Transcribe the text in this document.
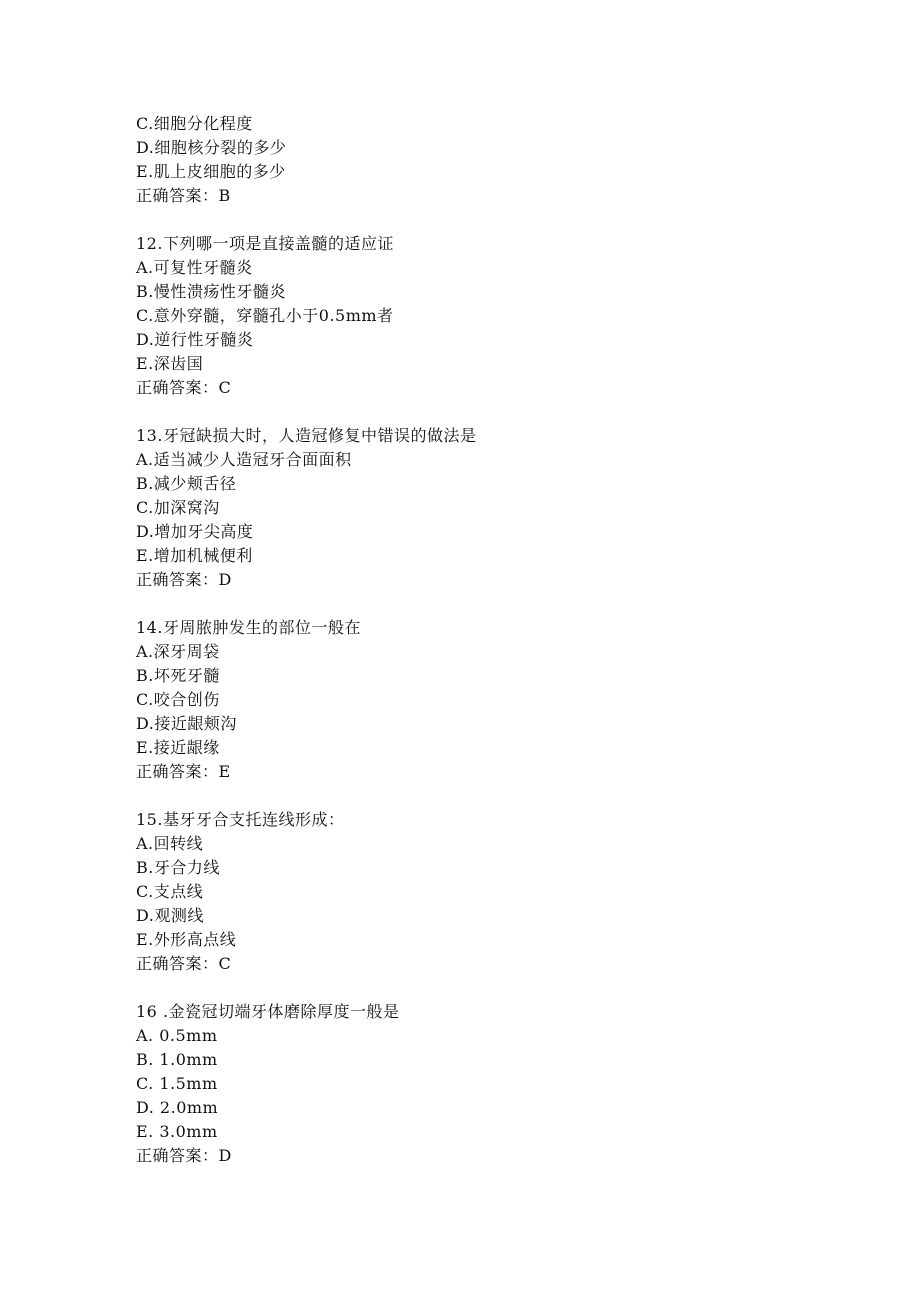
C.细胞分化程度
D.细胞核分裂的多少
E.肌上皮细胞的多少
正确答案：B
12.下列哪一项是直接盖髓的适应证
A.可复性牙髓炎
B.慢性溃疡性牙髓炎
C.意外穿髓，穿髓孔小于0.5mm者
D.逆行性牙髓炎
E.深齿国
正确答案：C
13.牙冠缺损大时，人造冠修复中错误的做法是
A.适当减少人造冠牙合面面积
B.减少颊舌径
C.加深窝沟
D.增加牙尖高度
E.增加机械便利
正确答案：D
14.牙周脓肿发生的部位一般在
A.深牙周袋
B.坏死牙髓
C.咬合创伤
D.接近龈颊沟
E.接近龈缘
正确答案：E
15.基牙牙合支托连线形成：
A.回转线
B.牙合力线
C.支点线
D.观测线
E.外形高点线
正确答案：C
16 .金瓷冠切端牙体磨除厚度一般是
A. 0.5mm
B. 1.0mm
C. 1.5mm
D. 2.0mm
E. 3.0mm
正确答案：D
